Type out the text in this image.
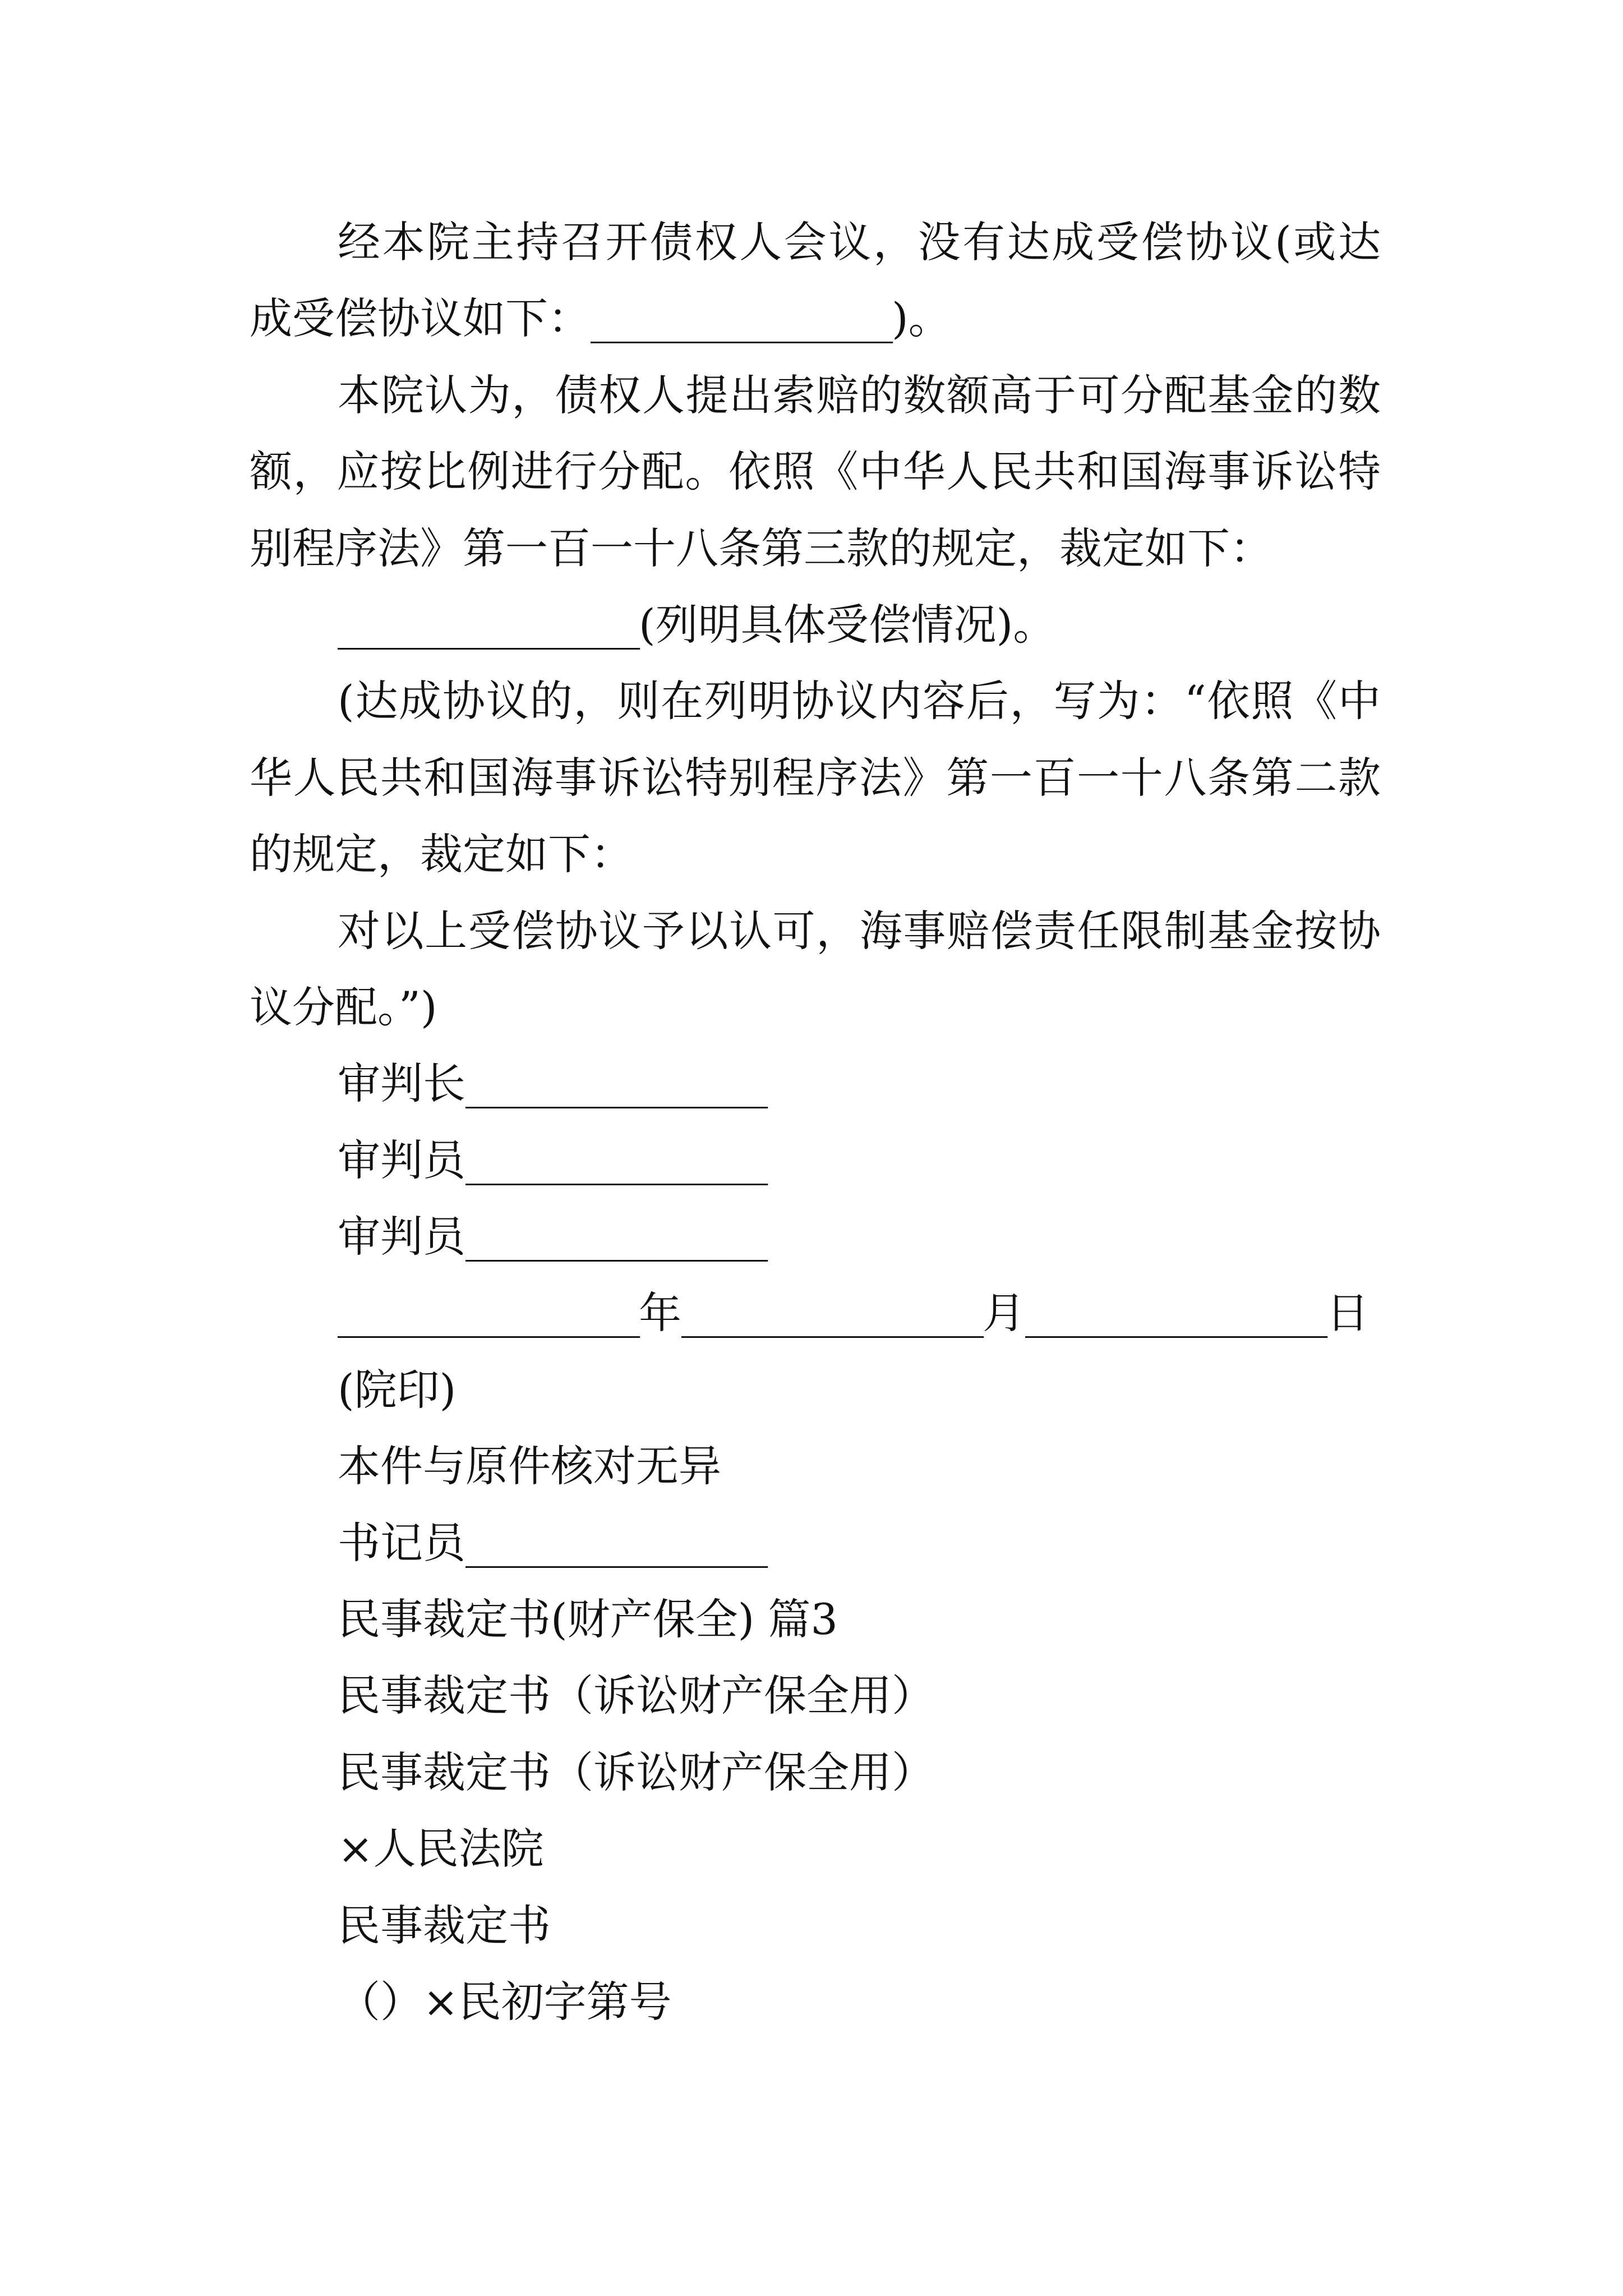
经本院主持召开债权人会议，没有达成受偿协议(或达
成受偿协议如下：_______________)。
本院认为，债权人提出索赔的数额高于可分配基金的数
额，应按比例进行分配。依照《中华人民共和国海事诉讼特
别程序法》第一百一十八条第三款的规定，裁定如下：
_______________(列明具体受偿情况)。
(达成协议的，则在列明协议内容后，写为：“依照《中
华人民共和国海事诉讼特别程序法》第一百一十八条第二款
的规定，裁定如下：
对以上受偿协议予以认可，海事赔偿责任限制基金按协
议分配。”)
审判长_______________
审判员_______________
审判员_______________
_______________年_______________月_______________日
(院印)
本件与原件核对无异
书记员_______________
民事裁定书(财产保全) 篇3
民事裁定书（诉讼财产保全用）
民事裁定书（诉讼财产保全用）
×人民法院
民事裁定书
（）×民初字第号
